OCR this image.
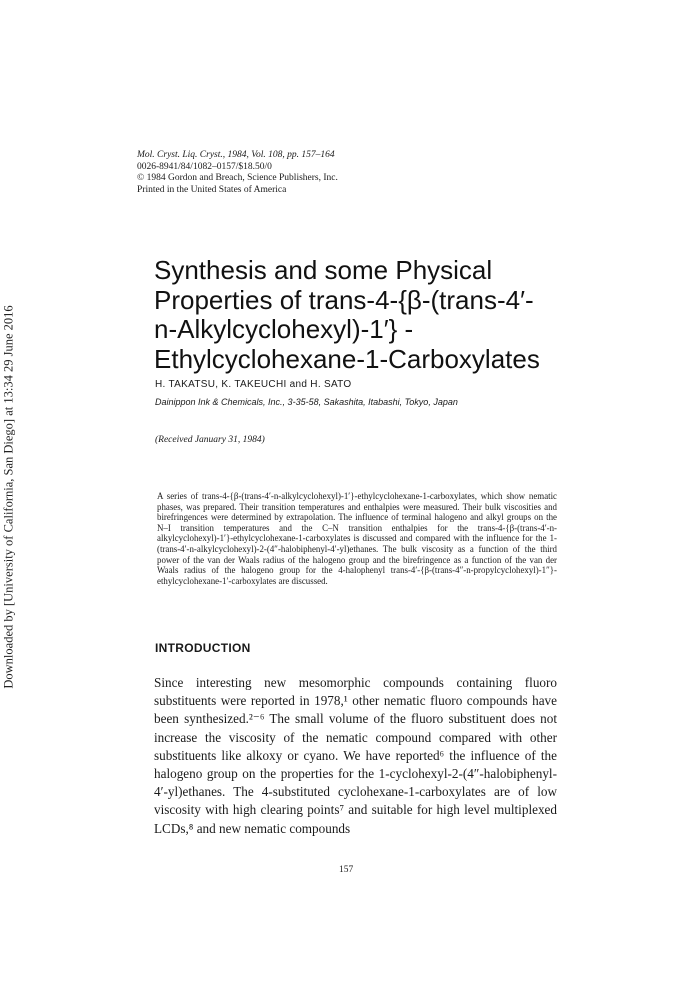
Downloaded by [University of California, San Diego] at 13:34 29 June 2016
Mol. Cryst. Liq. Cryst., 1984, Vol. 108, pp. 157–164
0026-8941/84/1082–0157/$18.50/0
© 1984 Gordon and Breach, Science Publishers, Inc.
Printed in the United States of America
Synthesis and some Physical
Properties of trans-4-{β-(trans-4′-
n-Alkylcyclohexyl)-1′} -
Ethylcyclohexane-1-Carboxylates
H. TAKATSU, K. TAKEUCHI and H. SATO
Dainippon Ink & Chemicals, Inc., 3-35-58, Sakashita, Itabashi, Tokyo, Japan
(Received January 31, 1984)
A series of trans-4-{β-(trans-4′-n-alkylcyclohexyl)-1′}-ethylcyclohexane-1-carboxylates, which show nematic phases, was prepared. Their transition temperatures and enthalpies were measured. Their bulk viscosities and birefringences were determined by extrapolation. The influence of terminal halogeno and alkyl groups on the N–I transition temperatures and the C–N transition enthalpies for the trans-4-{β-(trans-4′-n-alkylcyclohexyl)-1′}-ethylcyclohexane-1-carboxylates is discussed and compared with the influence for the 1-(trans-4′-n-alkylcyclohexyl)-2-(4″-halobiphenyl-4′-yl)ethanes. The bulk viscosity as a function of the third power of the van der Waals radius of the halogeno group and the birefringence as a function of the van der Waals radius of the halogeno group for the 4-halophenyl trans-4′-{β-(trans-4″-n-propylcyclohexyl)-1″}-ethylcyclohexane-1′-carboxylates are discussed.
INTRODUCTION
Since interesting new mesomorphic compounds containing fluoro substituents were reported in 1978,¹ other nematic fluoro compounds have been synthesized.²⁻⁶ The small volume of the fluoro substituent does not increase the viscosity of the nematic compound compared with other substituents like alkoxy or cyano. We have reported⁶ the influence of the halogeno group on the properties for the 1-cyclohexyl-2-(4″-halobiphenyl-4′-yl)ethanes. The 4-substituted cyclohexane-1-carboxylates are of low viscosity with high clearing points⁷ and suitable for high level multiplexed LCDs,⁸ and new nematic compounds
157
